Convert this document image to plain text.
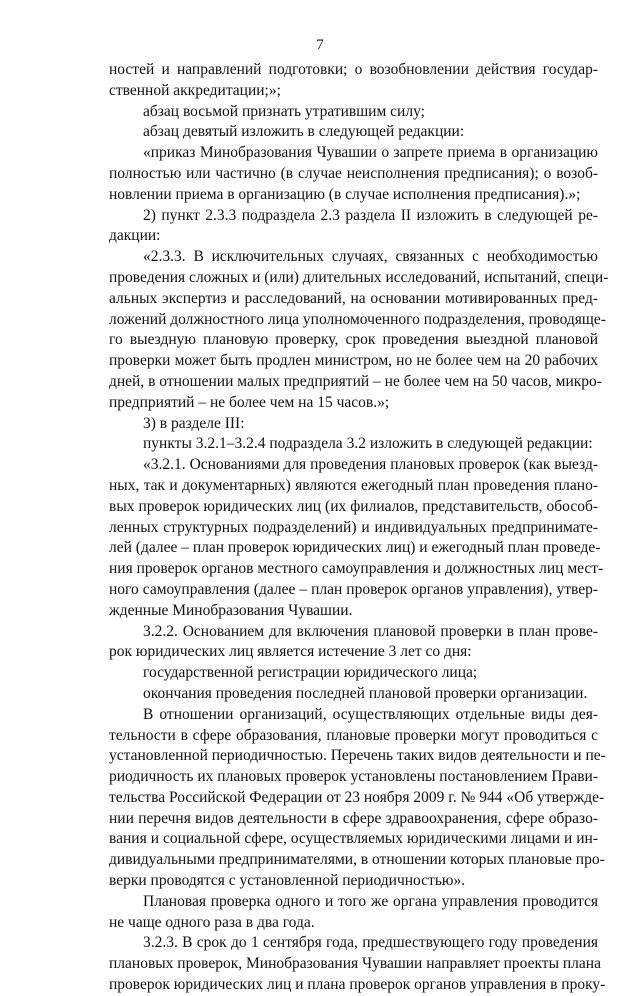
7
ностей и направлений подготовки; о возобновлении действия государ-
ственной аккредитации;»;
абзац восьмой признать утратившим силу;
абзац девятый изложить в следующей редакции:
«приказ Минобразования Чувашии о запрете приема в организацию
полностью или частично (в случае неисполнения предписания); о возоб-
новлении приема в организацию (в случае исполнения предписания).»;
2) пункт 2.3.3 подраздела 2.3 раздела II изложить в следующей ре-
дакции:
«2.3.3. В исключительных случаях, связанных с необходимостью
проведения сложных и (или) длительных исследований, испытаний, специ-
альных экспертиз и расследований, на основании мотивированных пред-
ложений должностного лица уполномоченного подразделения, проводяще-
го выездную плановую проверку, срок проведения выездной плановой
проверки может быть продлен министром, но не более чем на 20 рабочих
дней, в отношении малых предприятий – не более чем на 50 часов, микро-
предприятий – не более чем на 15 часов.»;
3) в разделе III:
пункты 3.2.1–3.2.4 подраздела 3.2 изложить в следующей редакции:
«3.2.1. Основаниями для проведения плановых проверок (как выезд-
ных, так и документарных) являются ежегодный план проведения плано-
вых проверок юридических лиц (их филиалов, представительств, обособ-
ленных структурных подразделений) и индивидуальных предпринимате-
лей (далее – план проверок юридических лиц) и ежегодный план проведе-
ния проверок органов местного самоуправления и должностных лиц мест-
ного самоуправления (далее – план проверок органов управления), утвер-
жденные Минобразования Чувашии.
3.2.2. Основанием для включения плановой проверки в план прове-
рок юридических лиц является истечение 3 лет со дня:
государственной регистрации юридического лица;
окончания проведения последней плановой проверки организации.
В отношении организаций, осуществляющих отдельные виды дея-
тельности в сфере образования, плановые проверки могут проводиться с
установленной периодичностью. Перечень таких видов деятельности и пе-
риодичность их плановых проверок установлены постановлением Прави-
тельства Российской Федерации от 23 ноября 2009 г. № 944 «Об утвержде-
нии перечня видов деятельности в сфере здравоохранения, сфере образо-
вания и социальной сфере, осуществляемых юридическими лицами и ин-
дивидуальными предпринимателями, в отношении которых плановые про-
верки проводятся с установленной периодичностью».
Плановая проверка одного и того же органа управления проводится
не чаще одного раза в два года.
3.2.3. В срок до 1 сентября года, предшествующего году проведения
плановых проверок, Минобразования Чувашии направляет проекты плана
проверок юридических лиц и плана проверок органов управления в проку-
